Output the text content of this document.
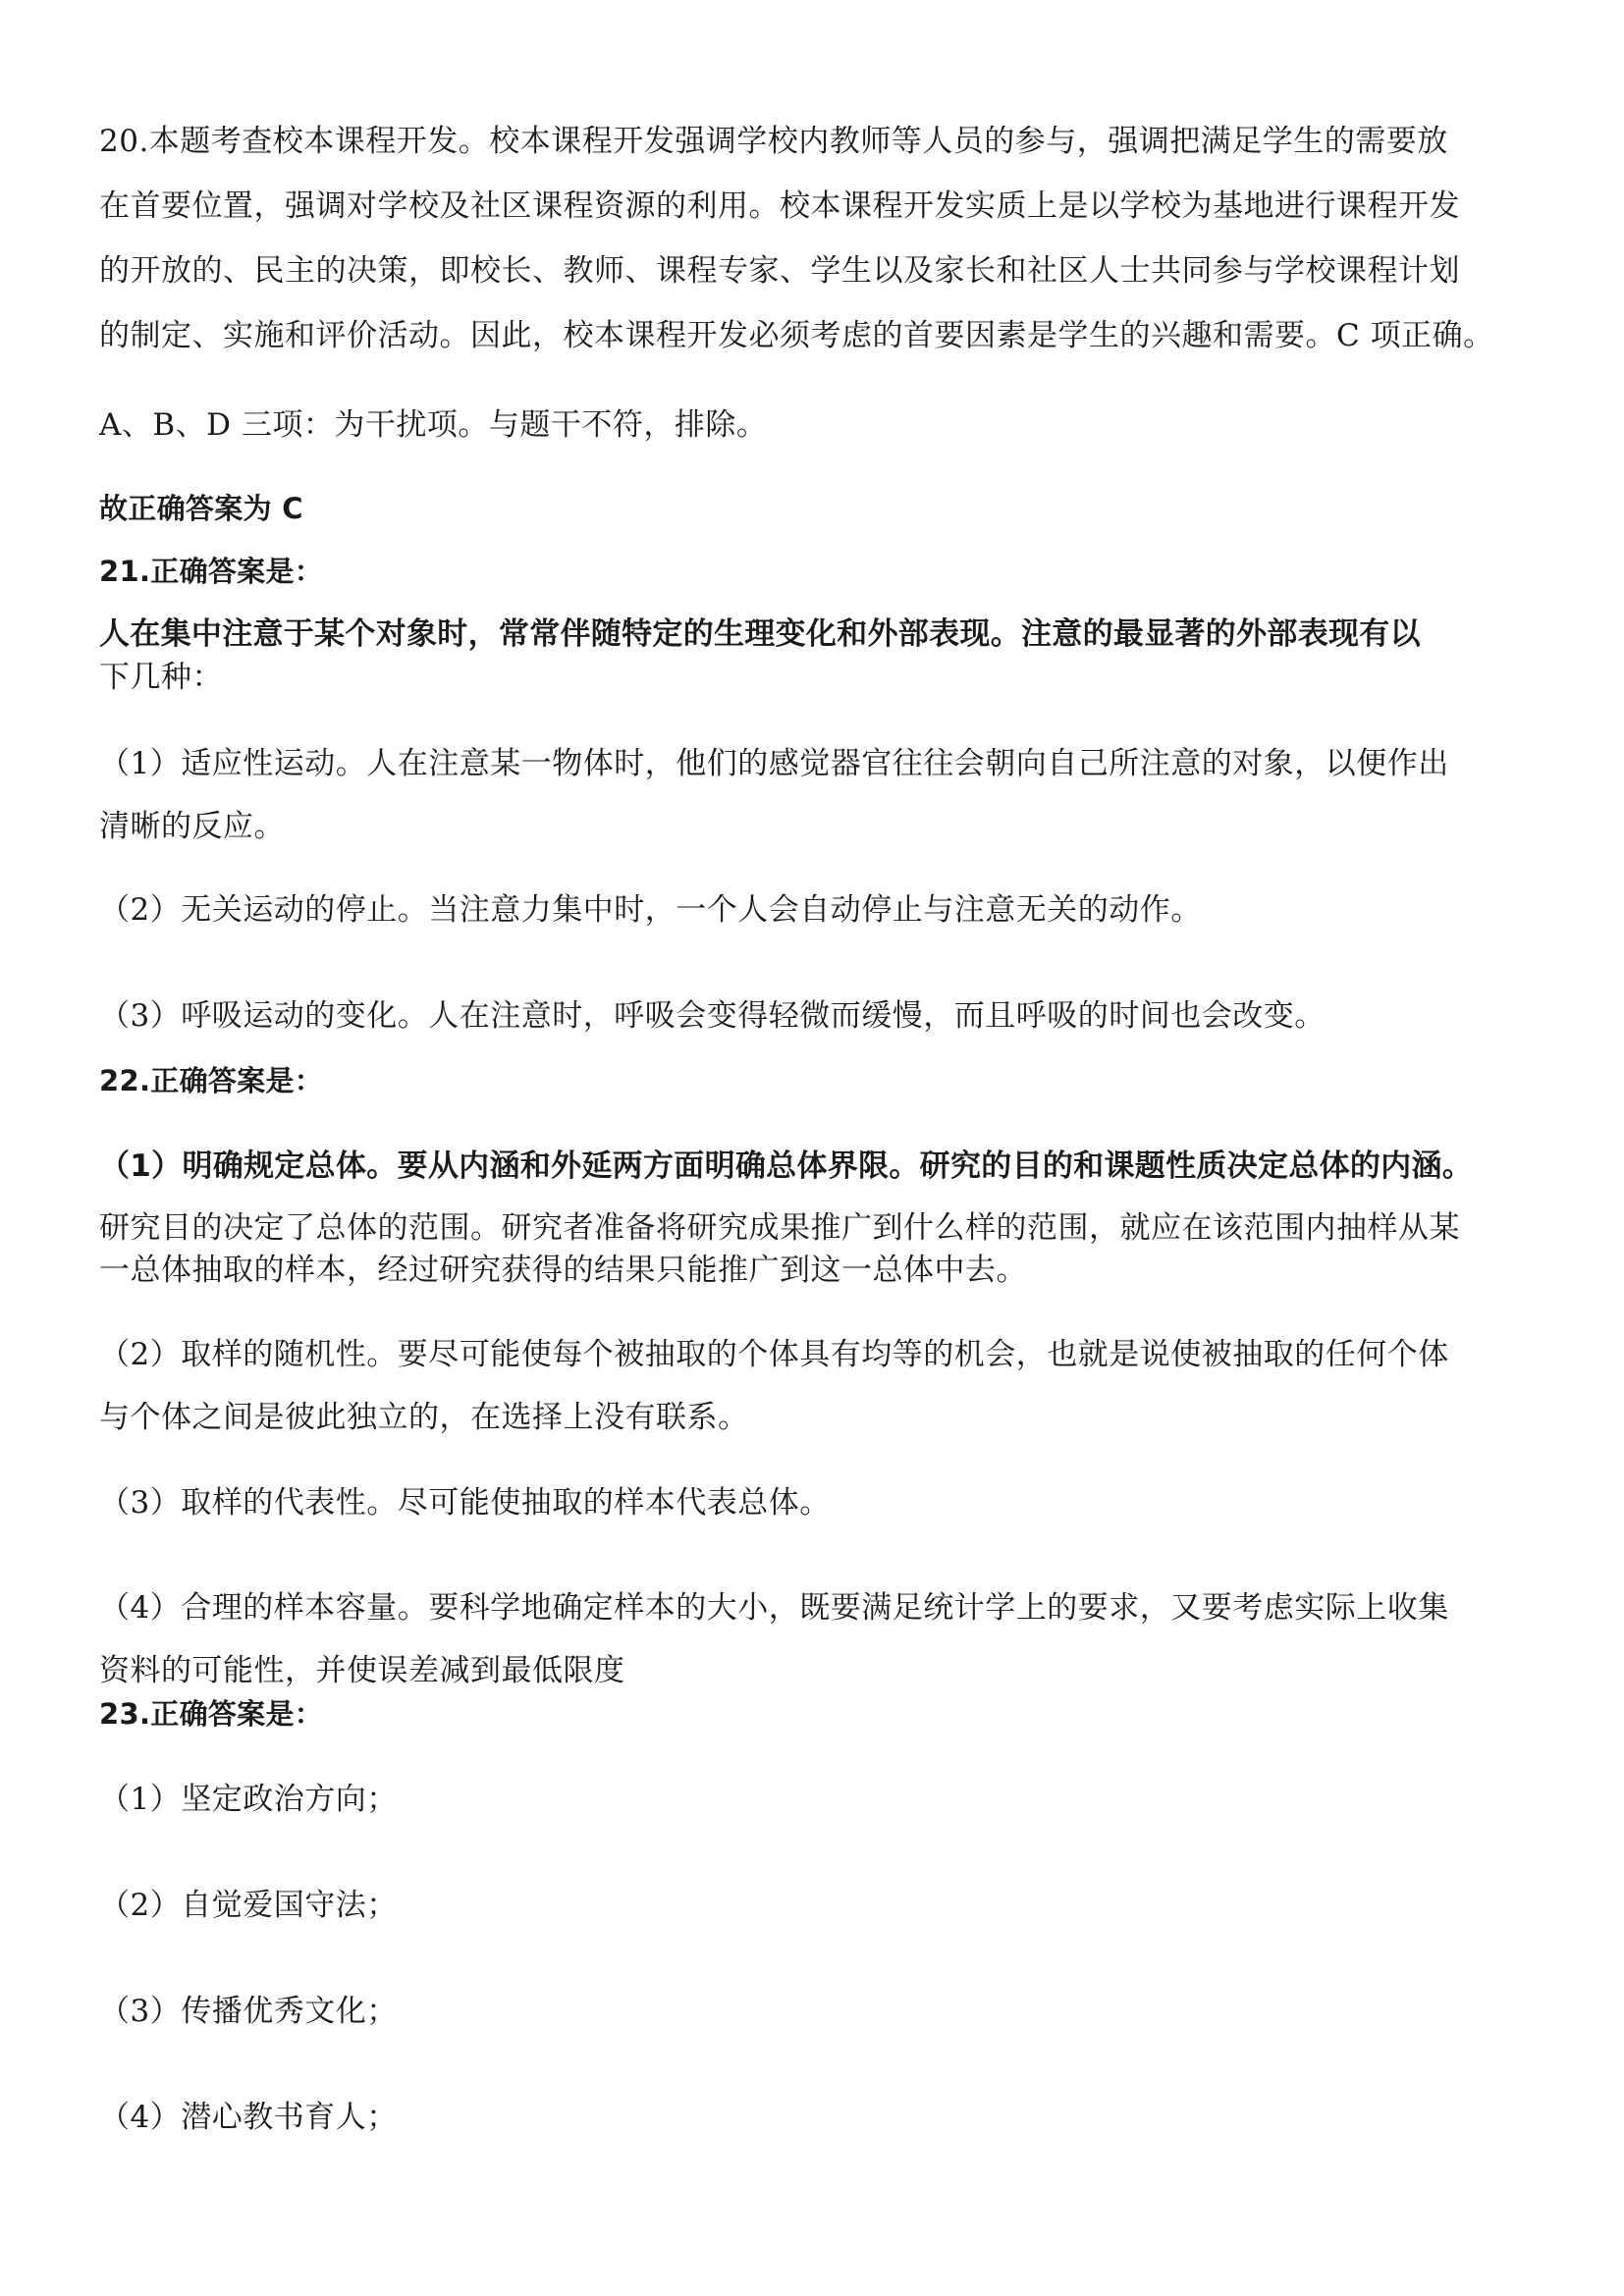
20.本题考查校本课程开发。校本课程开发强调学校内教师等人员的参与，强调把满足学生的需要放
在首要位置，强调对学校及社区课程资源的利用。校本课程开发实质上是以学校为基地进行课程开发
的开放的、民主的决策，即校长、教师、课程专家、学生以及家长和社区人士共同参与学校课程计划
的制定、实施和评价活动。因此，校本课程开发必须考虑的首要因素是学生的兴趣和需要。C 项正确。
A、B、D 三项：为干扰项。与题干不符，排除。
故正确答案为 C
21.正确答案是：
人在集中注意于某个对象时，常常伴随特定的生理变化和外部表现。注意的最显著的外部表现有以
下几种：
（1）适应性运动。人在注意某一物体时，他们的感觉器官往往会朝向自己所注意的对象，以便作出
清晰的反应。
（2）无关运动的停止。当注意力集中时，一个人会自动停止与注意无关的动作。
（3）呼吸运动的变化。人在注意时，呼吸会变得轻微而缓慢，而且呼吸的时间也会改变。
22.正确答案是：
（1）明确规定总体。要从内涵和外延两方面明确总体界限。研究的目的和课题性质决定总体的内涵。
研究目的决定了总体的范围。研究者准备将研究成果推广到什么样的范围，就应在该范围内抽样从某
一总体抽取的样本，经过研究获得的结果只能推广到这一总体中去。
（2）取样的随机性。要尽可能使每个被抽取的个体具有均等的机会，也就是说使被抽取的任何个体
与个体之间是彼此独立的，在选择上没有联系。
（3）取样的代表性。尽可能使抽取的样本代表总体。
（4）合理的样本容量。要科学地确定样本的大小，既要满足统计学上的要求，又要考虑实际上收集
资料的可能性，并使误差减到最低限度
23.正确答案是：
（1）坚定政治方向；
（2）自觉爱国守法；
（3）传播优秀文化；
（4）潜心教书育人；
